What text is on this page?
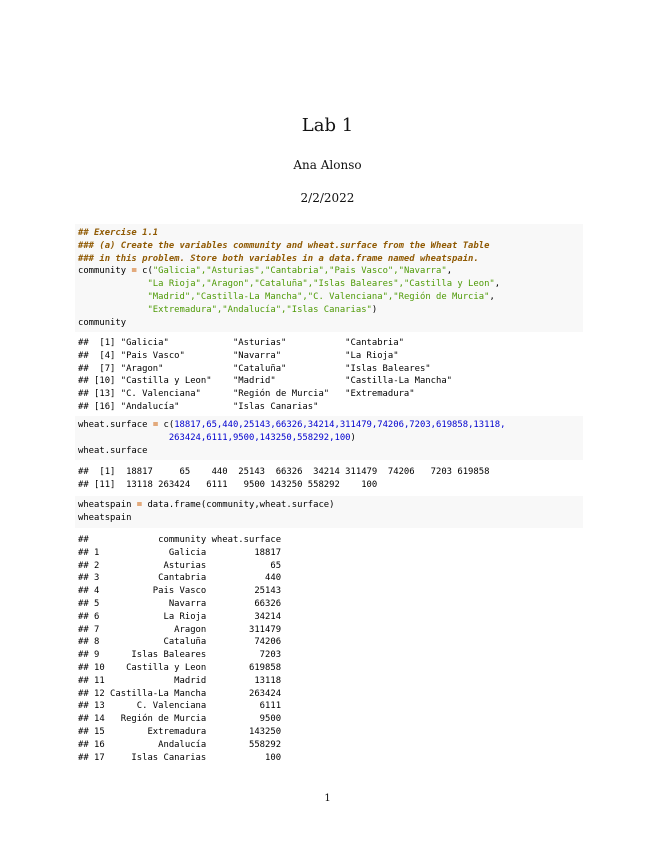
Lab 1
Ana Alonso
2/2/2022
## Exercise 1.1
### (a) Create the variables community and wheat.surface from the Wheat Table
### in this problem. Store both variables in a data.frame named wheatspain.
community = c("Galicia","Asturias","Cantabria","Pais Vasco","Navarra",
"La Rioja","Aragon","Cataluña","Islas Baleares","Castilla y Leon",
"Madrid","Castilla-La Mancha","C. Valenciana","Región de Murcia",
"Extremadura","Andalucía","Islas Canarias")
community
##  [1] "Galicia"            "Asturias"           "Cantabria"
##  [4] "Pais Vasco"         "Navarra"            "La Rioja"
##  [7] "Aragon"             "Cataluña"           "Islas Baleares"
## [10] "Castilla y Leon"    "Madrid"             "Castilla-La Mancha"
## [13] "C. Valenciana"      "Región de Murcia"   "Extremadura"
## [16] "Andalucía"          "Islas Canarias"
wheat.surface = c(18817,65,440,25143,66326,34214,311479,74206,7203,619858,13118,
263424,6111,9500,143250,558292,100)
wheat.surface
##  [1]  18817     65    440  25143  66326  34214 311479  74206   7203 619858
## [11]  13118 263424   6111   9500 143250 558292    100
wheatspain = data.frame(community,wheat.surface)
wheatspain
##             community wheat.surface
## 1             Galicia         18817
## 2            Asturias            65
## 3           Cantabria           440
## 4          Pais Vasco         25143
## 5             Navarra         66326
## 6            La Rioja         34214
## 7              Aragon        311479
## 8            Cataluña         74206
## 9      Islas Baleares          7203
## 10    Castilla y Leon        619858
## 11             Madrid         13118
## 12 Castilla-La Mancha        263424
## 13      C. Valenciana          6111
## 14   Región de Murcia          9500
## 15        Extremadura        143250
## 16          Andalucía        558292
## 17     Islas Canarias           100
1
